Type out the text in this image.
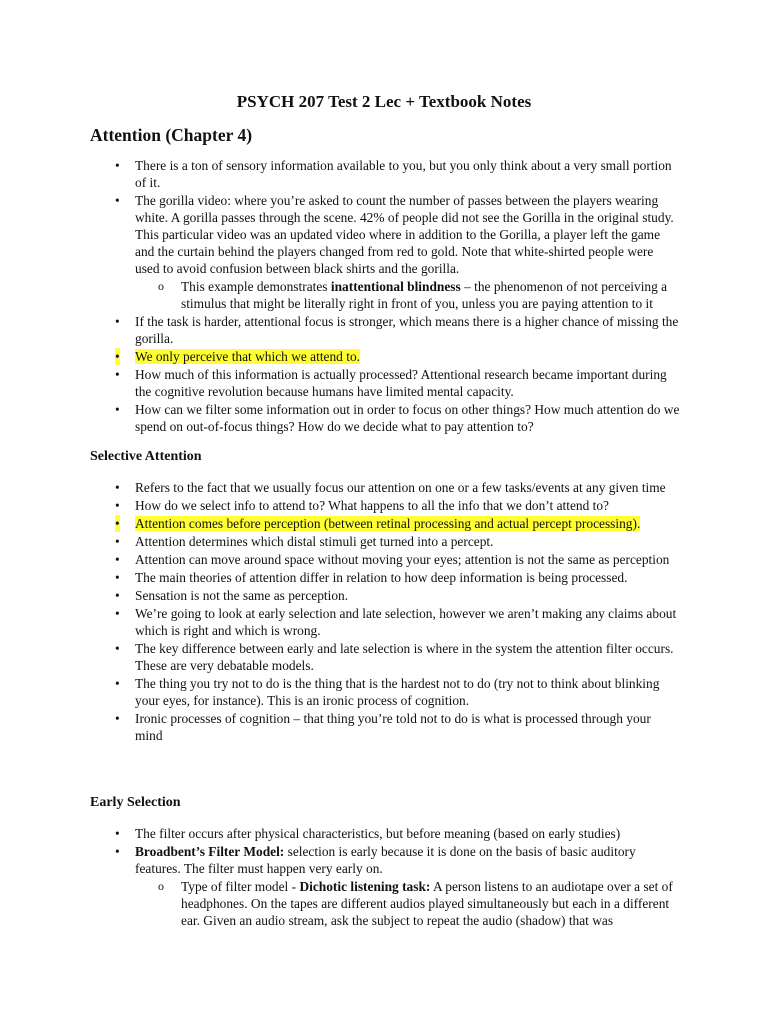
PSYCH 207 Test 2 Lec + Textbook Notes
Attention (Chapter 4)
• There is a ton of sensory information available to you, but you only think about a very small portion of it.
• The gorilla video: where you’re asked to count the number of passes between the players wearing white. A gorilla passes through the scene. 42% of people did not see the Gorilla in the original study. This particular video was an updated video where in addition to the Gorilla, a player left the game and the curtain behind the players changed from red to gold. Note that white-shirted people were used to avoid confusion between black shirts and the gorilla.
o This example demonstrates inattentional blindness – the phenomenon of not perceiving a stimulus that might be literally right in front of you, unless you are paying attention to it
• If the task is harder, attentional focus is stronger, which means there is a higher chance of missing the gorilla.
• We only perceive that which we attend to.
• How much of this information is actually processed? Attentional research became important during the cognitive revolution because humans have limited mental capacity.
• How can we filter some information out in order to focus on other things? How much attention do we spend on out-of-focus things? How do we decide what to pay attention to?
Selective Attention
• Refers to the fact that we usually focus our attention on one or a few tasks/events at any given time
• How do we select info to attend to? What happens to all the info that we don’t attend to?
• Attention comes before perception (between retinal processing and actual percept processing).
• Attention determines which distal stimuli get turned into a percept.
• Attention can move around space without moving your eyes; attention is not the same as perception
• The main theories of attention differ in relation to how deep information is being processed.
• Sensation is not the same as perception.
• We’re going to look at early selection and late selection, however we aren’t making any claims about which is right and which is wrong.
• The key difference between early and late selection is where in the system the attention filter occurs. These are very debatable models.
• The thing you try not to do is the thing that is the hardest not to do (try not to think about blinking your eyes, for instance). This is an ironic process of cognition.
• Ironic processes of cognition – that thing you’re told not to do is what is processed through your mind
Early Selection
• The filter occurs after physical characteristics, but before meaning (based on early studies)
• Broadbent’s Filter Model: selection is early because it is done on the basis of basic auditory features. The filter must happen very early on.
o Type of filter model - Dichotic listening task: A person listens to an audiotape over a set of headphones. On the tapes are different audios played simultaneously but each in a different ear. Given an audio stream, ask the subject to repeat the audio (shadow) that was
